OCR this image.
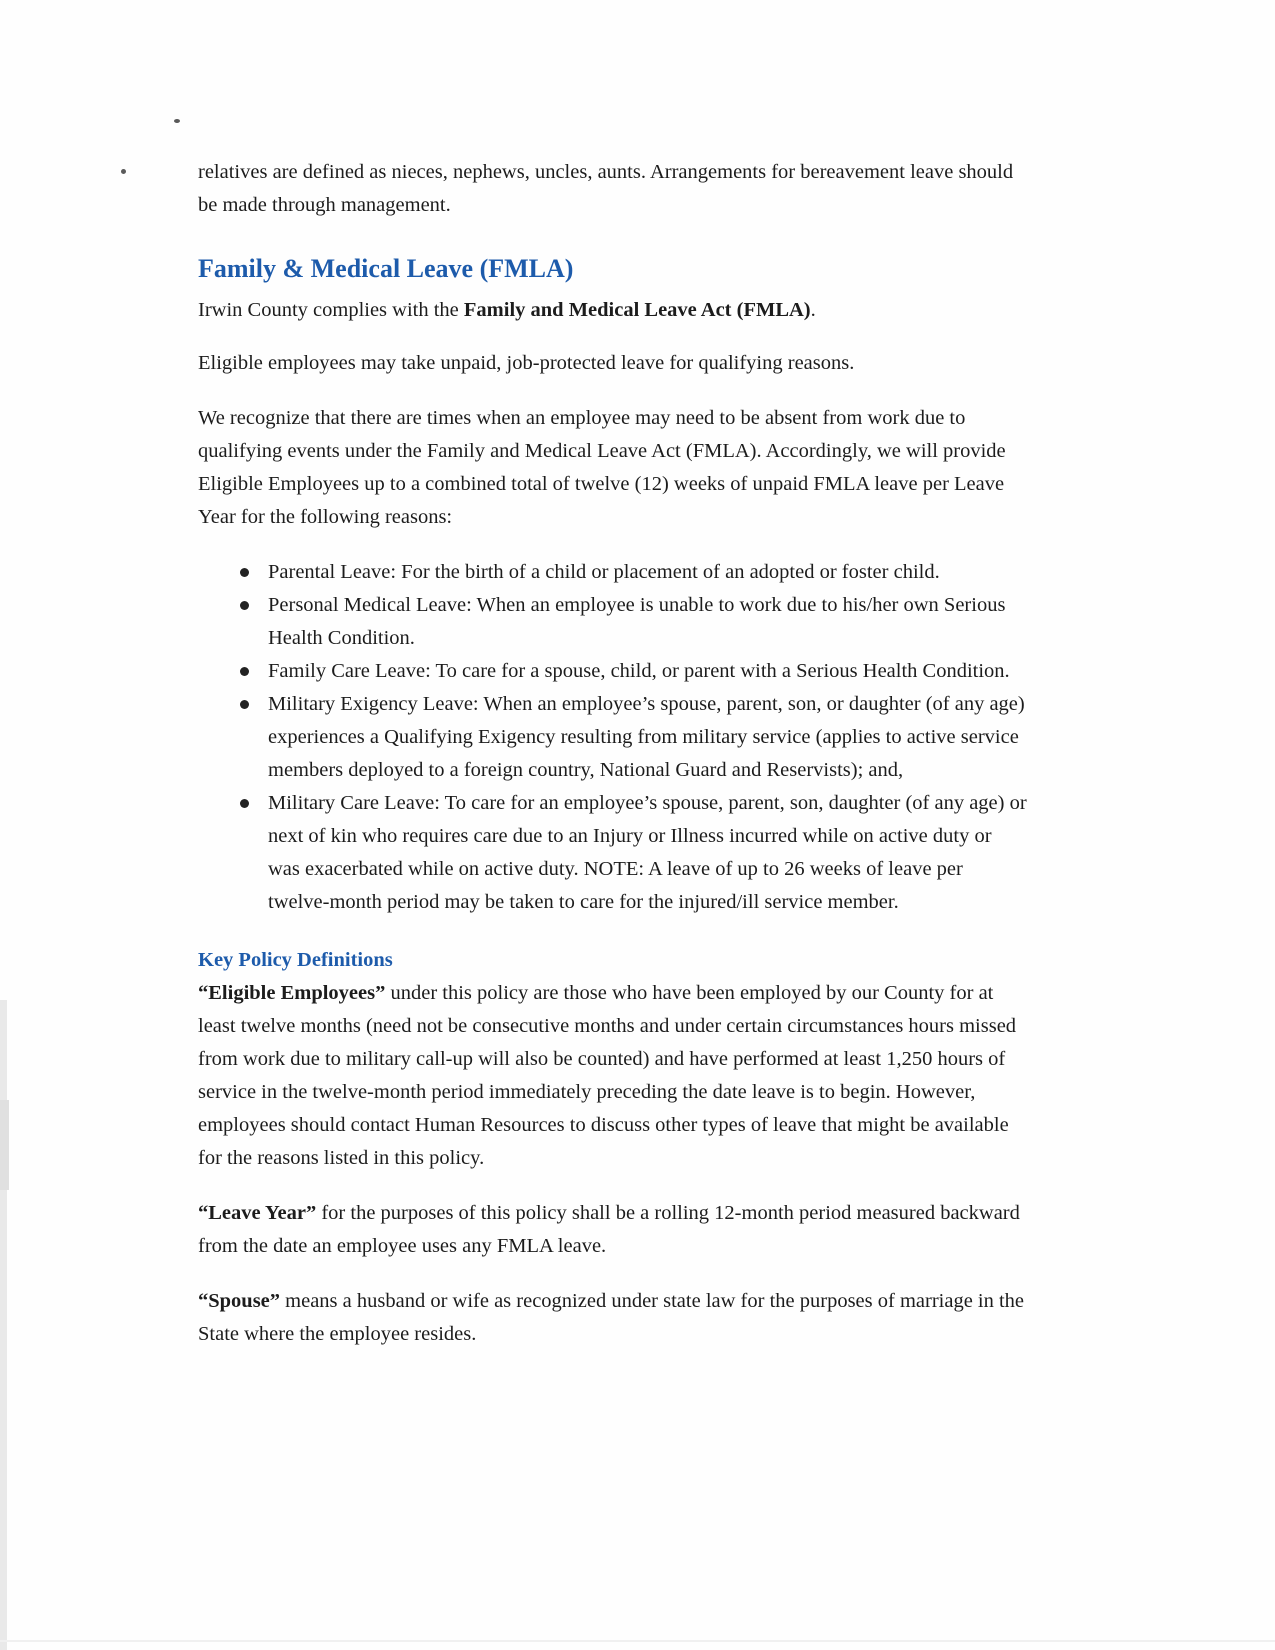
relatives are defined as nieces, nephews, uncles, aunts. Arrangements for bereavement leave should be made through management.

Family & Medical Leave (FMLA)

Irwin County complies with the Family and Medical Leave Act (FMLA).

Eligible employees may take unpaid, job-protected leave for qualifying reasons.

We recognize that there are times when an employee may need to be absent from work due to qualifying events under the Family and Medical Leave Act (FMLA). Accordingly, we will provide Eligible Employees up to a combined total of twelve (12) weeks of unpaid FMLA leave per Leave Year for the following reasons:

Parental Leave: For the birth of a child or placement of an adopted or foster child.
Personal Medical Leave: When an employee is unable to work due to his/her own Serious Health Condition.
Family Care Leave: To care for a spouse, child, or parent with a Serious Health Condition.
Military Exigency Leave: When an employee’s spouse, parent, son, or daughter (of any age) experiences a Qualifying Exigency resulting from military service (applies to active service members deployed to a foreign country, National Guard and Reservists); and,
Military Care Leave: To care for an employee’s spouse, parent, son, daughter (of any age) or next of kin who requires care due to an Injury or Illness incurred while on active duty or was exacerbated while on active duty. NOTE: A leave of up to 26 weeks of leave per twelve-month period may be taken to care for the injured/ill service member.
Key Policy Definitions

“Eligible Employees” under this policy are those who have been employed by our County for at least twelve months (need not be consecutive months and under certain circumstances hours missed from work due to military call-up will also be counted) and have performed at least 1,250 hours of service in the twelve-month period immediately preceding the date leave is to begin. However, employees should contact Human Resources to discuss other types of leave that might be available for the reasons listed in this policy.

“Leave Year” for the purposes of this policy shall be a rolling 12-month period measured backward from the date an employee uses any FMLA leave.

“Spouse” means a husband or wife as recognized under state law for the purposes of marriage in the State where the employee resides.
